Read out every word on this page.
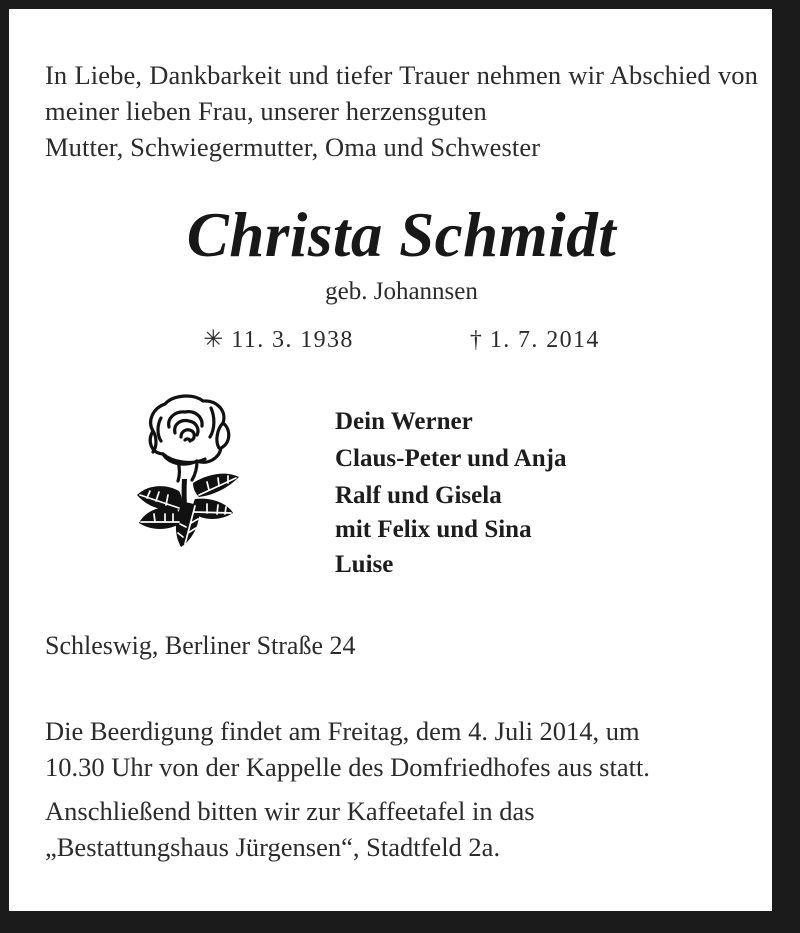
In Liebe, Dankbarkeit und tiefer Trauer nehmen wir Abschied von meiner lieben Frau, unserer herzensguten
Mutter, Schwiegermutter, Oma und Schwester

Christa Schmidt

geb. Johannsen

✳ 11. 3. 1938	† 1. 7. 2014

Dein Werner

Claus-Peter und Anja

Ralf und Gisela

mit Felix und Sina

Luise

Schleswig, Berliner Straße 24

Die Beerdigung findet am Freitag, dem 4. Juli 2014, um
10.30 Uhr von der Kappelle des Domfriedhofes aus statt.

Anschließend bitten wir zur Kaffeetafel in das
„Bestattungshaus Jürgensen“, Stadtfeld 2a.
